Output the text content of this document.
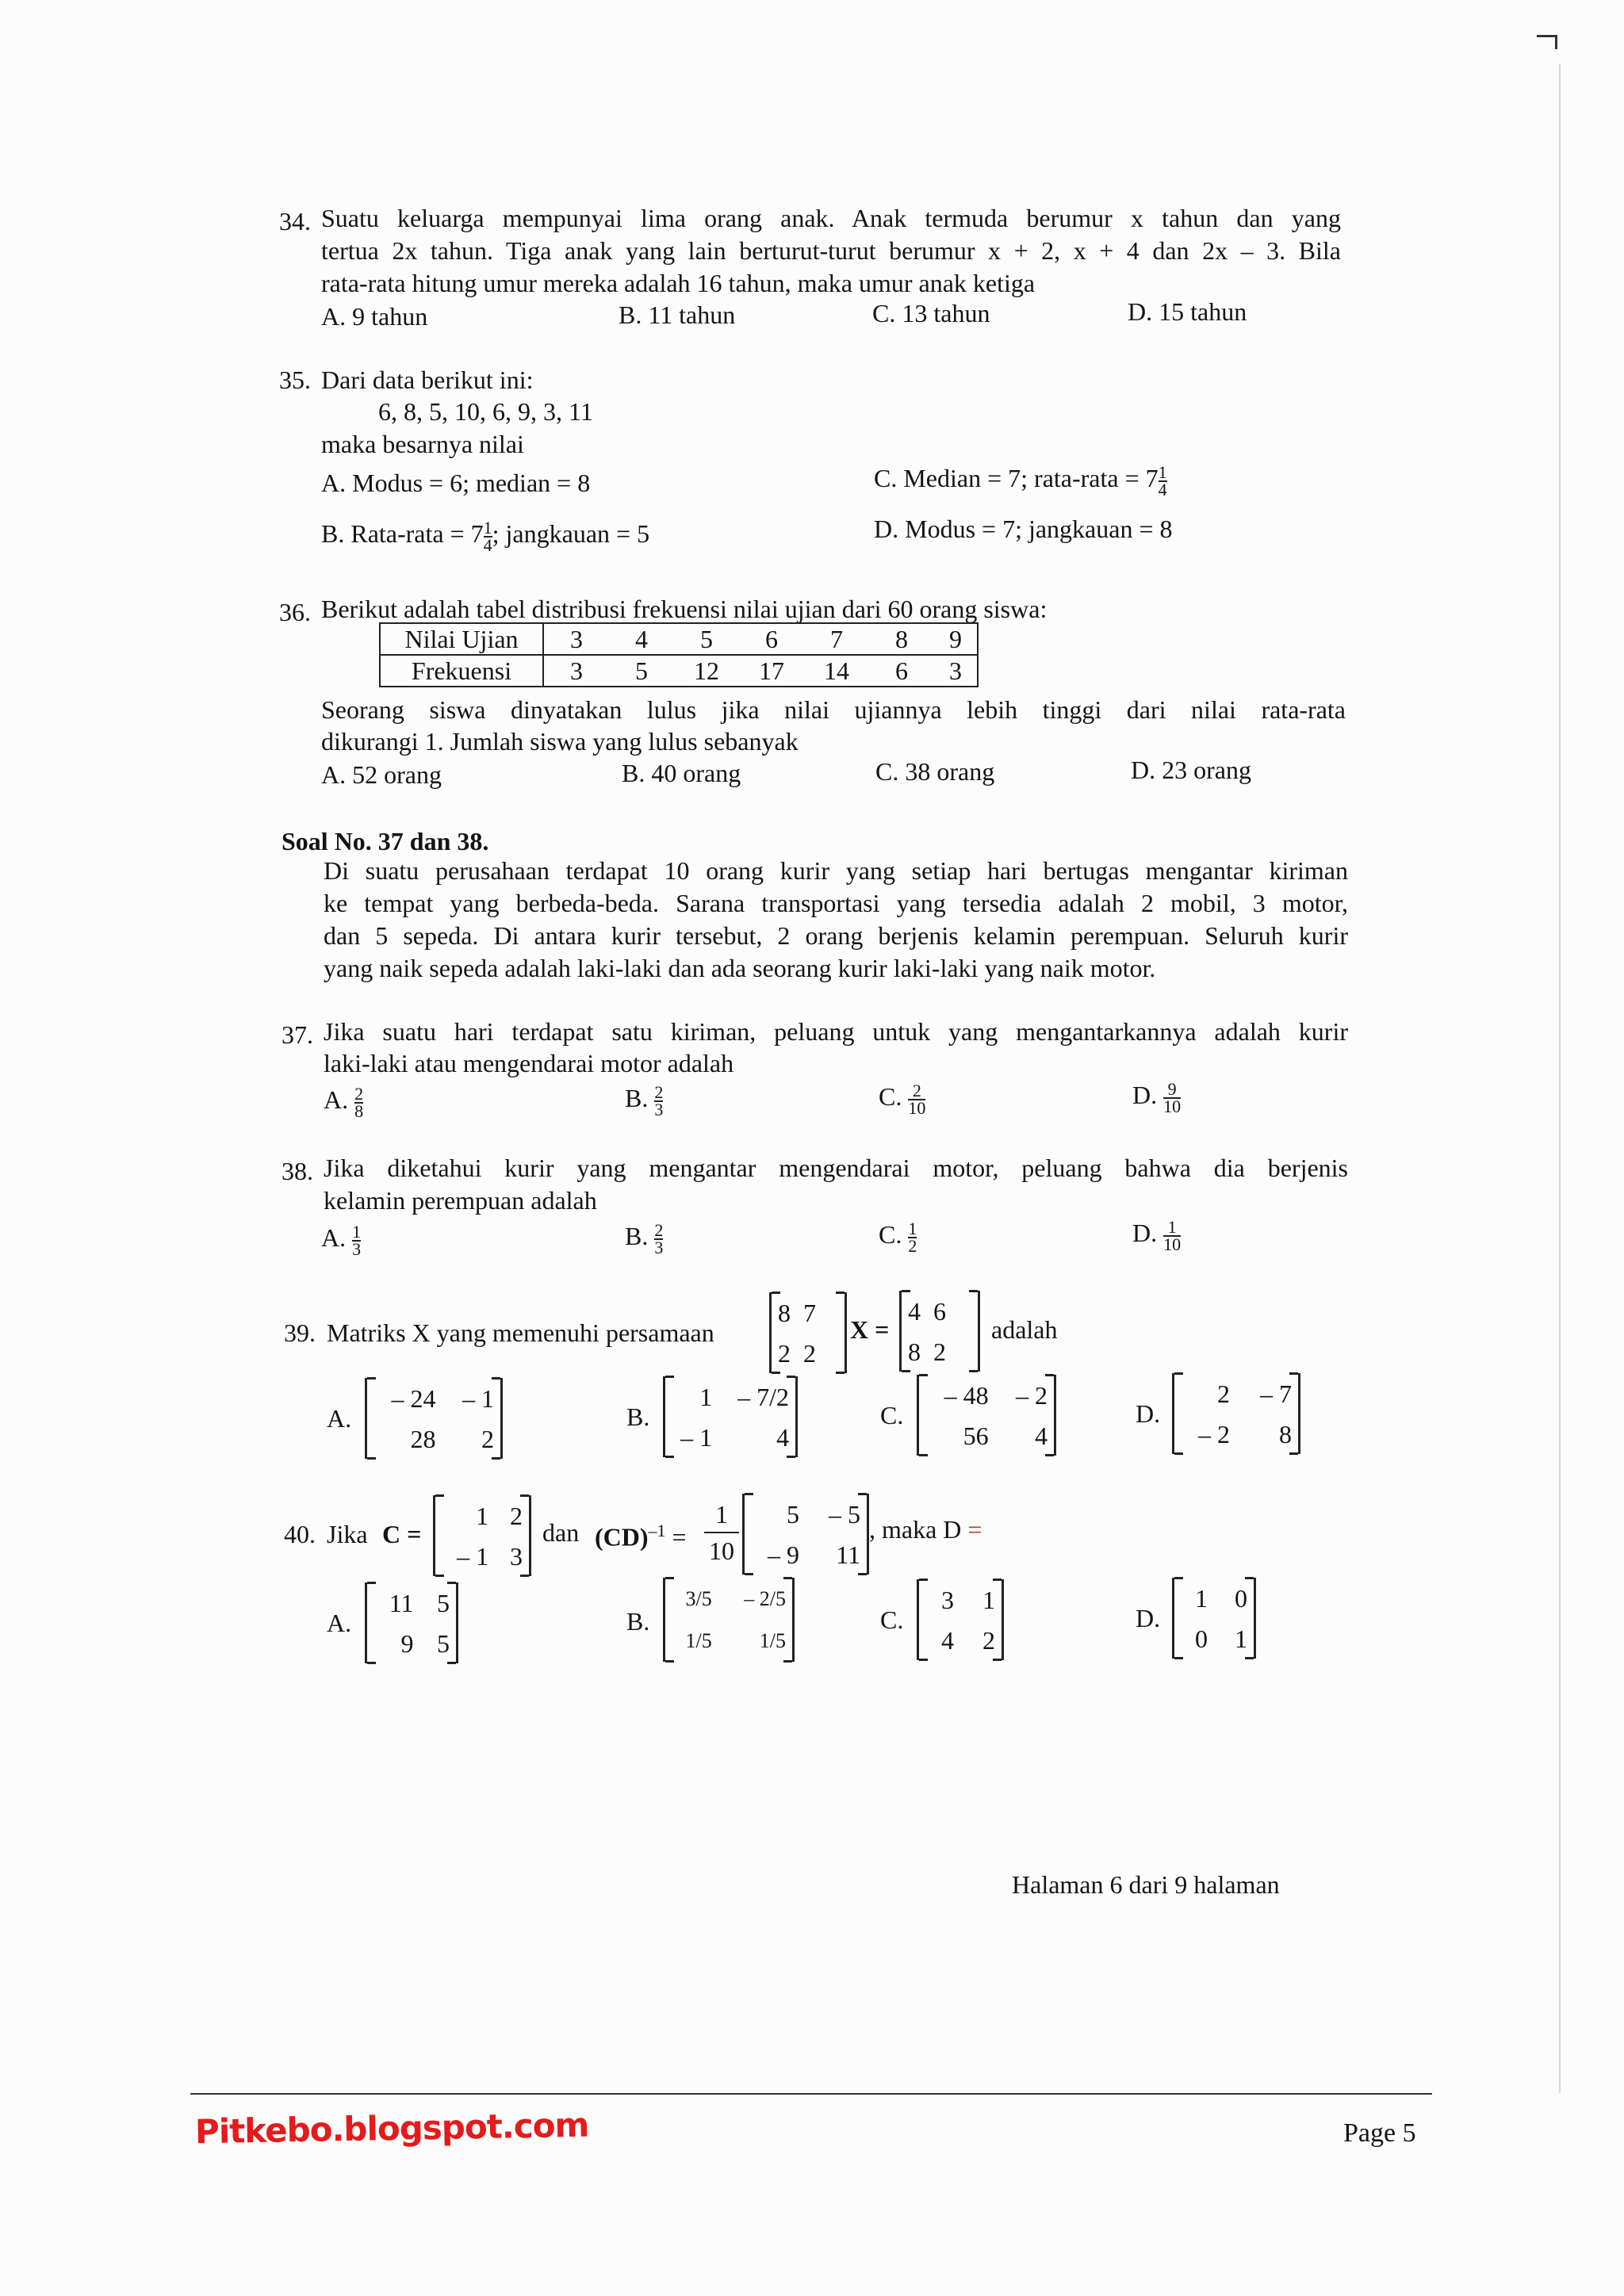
34. Suatu keluarga mempunyai lima orang anak. Anak termuda berumur x tahun dan yang
tertua 2x tahun. Tiga anak yang lain berturut-turut berumur x + 2, x + 4 dan 2x – 3. Bila
rata-rata hitung umur mereka adalah 16 tahun, maka umur anak ketiga
A. 9 tahun	B. 11 tahun	C. 13 tahun	D. 15 tahun
35. Dari data berikut ini:
6, 8, 5, 10, 6, 9, 3, 11
maka besarnya nilai
A. Modus = 6; median = 8	C. Median = 7; rata-rata = $7 \frac{1}{4}$
B. Rata-rata = $7 \frac{1}{4}$ ; jangkauan = 5	D. Modus = 7; jangkauan = 8
36. Berikut adalah tabel distribusi frekuensi nilai ujian dari 60 orang siswa:
Nilai Ujian	3	4	5	6	7	8	9
Frekuensi	3	5	12	17	14	6	3
Seorang siswa dinyatakan lulus jika nilai ujiannya lebih tinggi dari nilai rata-rata
dikurangi 1. Jumlah siswa yang lulus sebanyak
A. 52 orang	B. 40 orang	C. 38 orang	D. 23 orang
Soal No. 37 dan 38.
Di suatu perusahaan terdapat 10 orang kurir yang setiap hari bertugas mengantar kiriman
ke tempat yang berbeda-beda. Sarana transportasi yang tersedia adalah 2 mobil, 3 motor,
dan 5 sepeda. Di antara kurir tersebut, 2 orang berjenis kelamin perempuan. Seluruh kurir
yang naik sepeda adalah laki-laki dan ada seorang kurir laki-laki yang naik motor.
37. Jika suatu hari terdapat satu kiriman, peluang untuk yang mengantarkannya adalah kurir
laki-laki atau mengendarai motor adalah
A. $\frac{2}{8}$	B. $\frac{2}{3}$	C. $\frac{2}{10}$	D. $\frac{9}{10}$
38. Jika diketahui kurir yang mengantar mengendarai motor, peluang bahwa dia berjenis
kelamin perempuan adalah
A. $\frac{1}{3}$	B. $\frac{2}{3}$	C. $\frac{1}{2}$	D. $\frac{1}{10}$
39. Matriks X yang memenuhi persamaan
8	7
2	2
X =
4	6
8	2
adalah
A.
– 24	– 1
28	2
B.
1	– 7/2
– 1	4
C.
– 48	– 2
56	4
D.
2	– 7
– 2	8
40. Jika C =
1	2
– 1	3
dan $(CD)^{-1} = \frac{1}{10} 5$	– 5
– 9	11
, maka D =
A.
11	5
9	5
B.
3/5	– 2/5
1/5	1/5
C.
3	1
4	2
D.
1	0
0	1
Halaman 6 dari 9 halaman
Pitkebo.blogspot.com	Page 5
